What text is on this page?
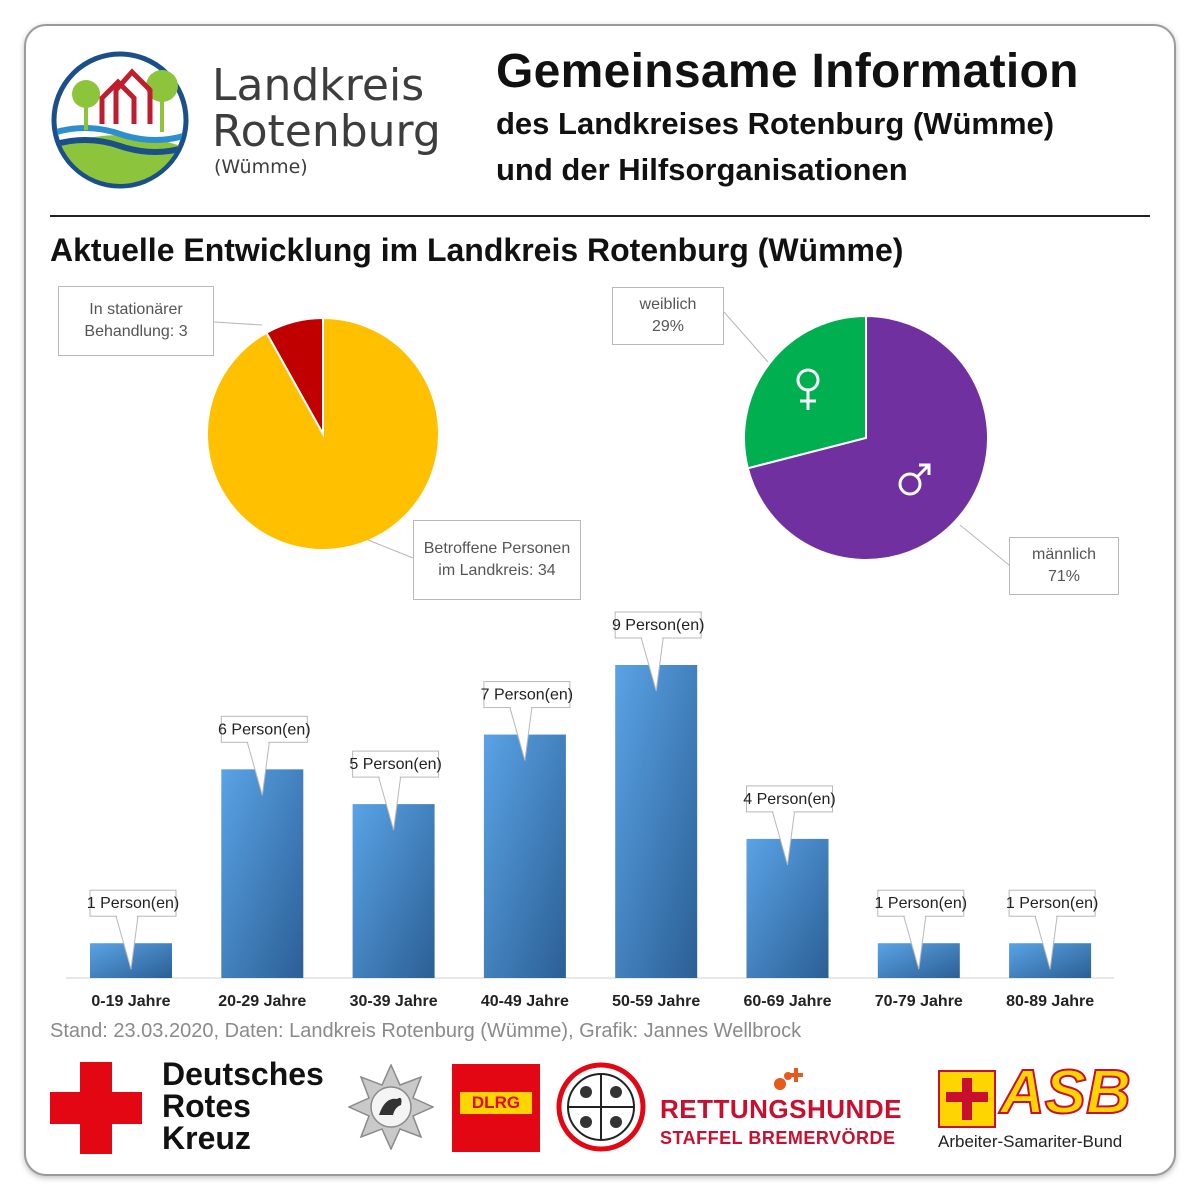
Landkreis
Rotenburg
(Wümme)
Gemeinsame Information
des Landkreises Rotenburg (Wümme)
und der Hilfsorganisationen
Aktuelle Entwicklung im Landkreis Rotenburg (Wümme)
0-19 Jahre
1 Person(en)
20-29 Jahre
6 Person(en)
30-39 Jahre
5 Person(en)
40-49 Jahre
7 Person(en)
50-59 Jahre
9 Person(en)
60-69 Jahre
4 Person(en)
70-79 Jahre
1 Person(en)
80-89 Jahre
1 Person(en)
In stationärer Behandlung: 3
Betroffene Personen im Landkreis: 34
weiblich
29%
männlich
71%
Stand: 23.03.2020, Daten: Landkreis Rotenburg (Wümme), Grafik: Jannes Wellbrock
Deutsches
Rotes
Kreuz
DLRG	RETTUNGSHUNDE
STAFFEL BREMERVÖRDE
ASB
Arbeiter-Samariter-Bund
